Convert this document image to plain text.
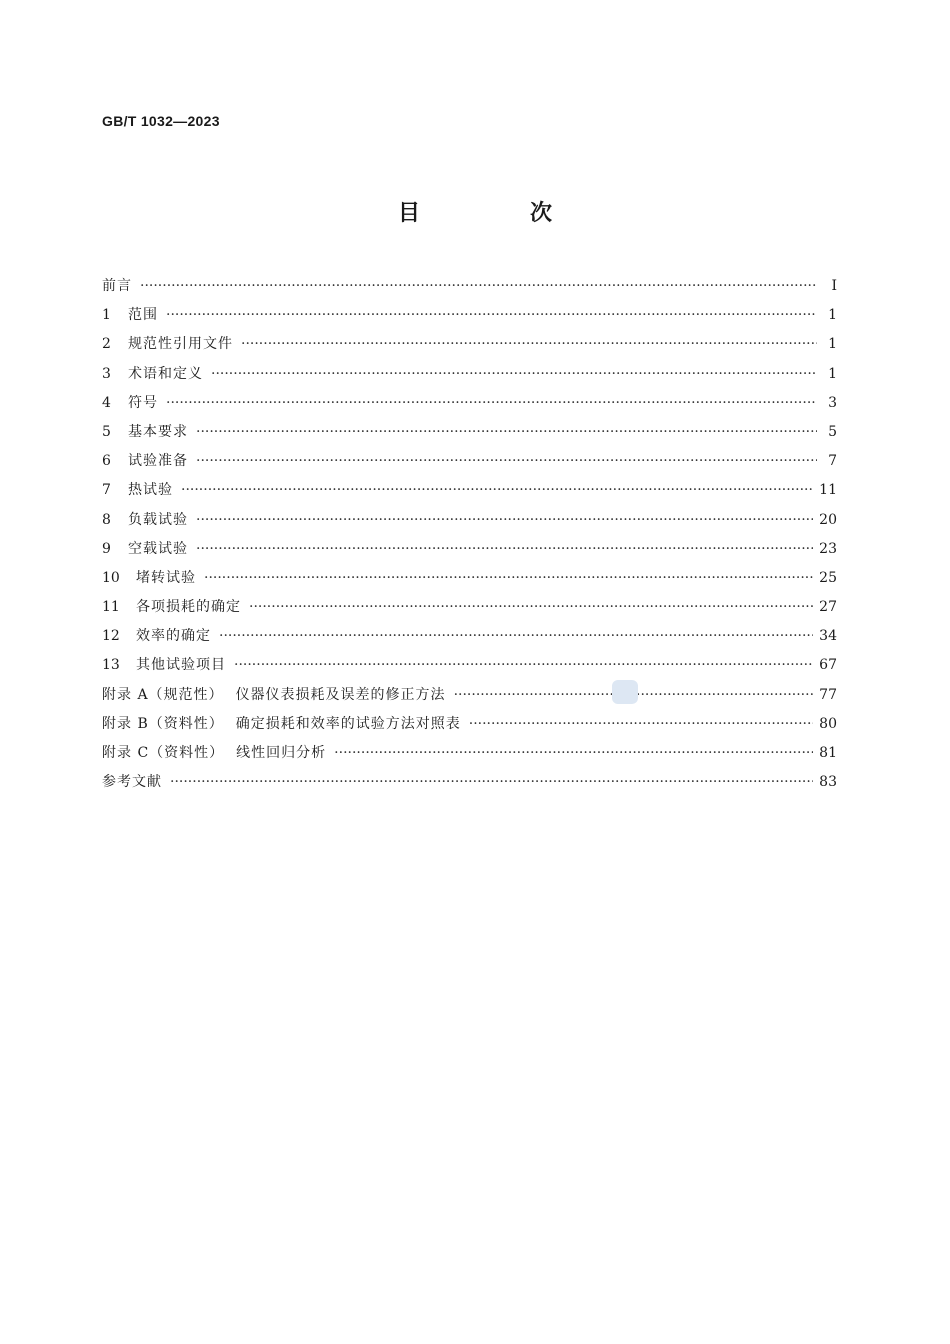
GB/T 1032—2023
目　次
前言 ·····	Ⅰ
1 范围 ·····	1
2 规范性引用文件 ·····	1
3 术语和定义 ·····	1
4 符号 ·····	3
5 基本要求 ·····	5
6 试验准备 ·····	7
7 热试验 ·····	11
8 负载试验 ·····	20
9 空载试验 ·····	23
10 堵转试验 ·····	25
11 各项损耗的确定 ·····	27
12 效率的确定 ·····	34
13 其他试验项目 ·····	67
附录 A（规范性） 仪器仪表损耗及误差的修正方法 ·····	77
附录 B（资料性） 确定损耗和效率的试验方法对照表 ·····	80
附录 C（资料性） 线性回归分析 ·····	81
参考文献 ·····	83
